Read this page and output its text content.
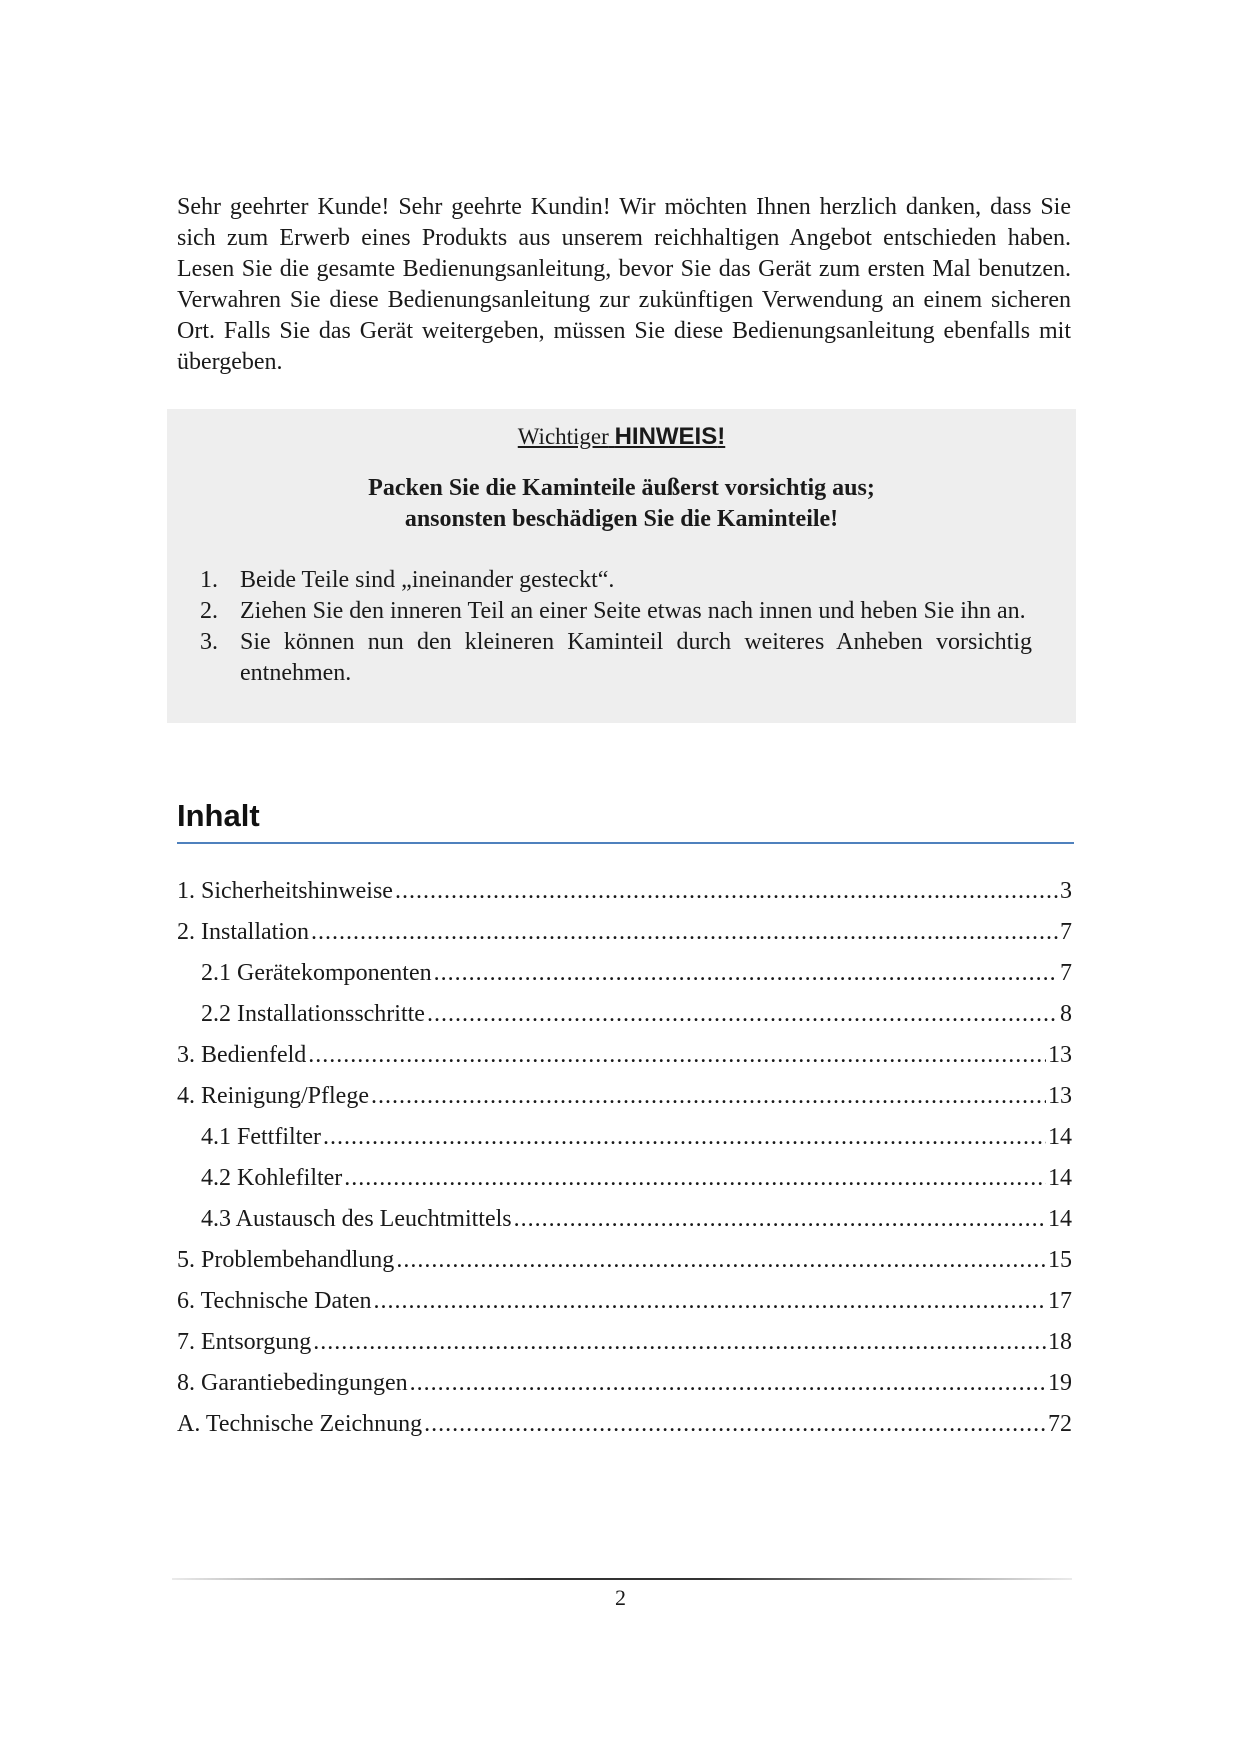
Sehr geehrter Kunde! Sehr geehrte Kundin! Wir möchten Ihnen herzlich danken, dass Sie sich zum Erwerb eines Produkts aus unserem reichhaltigen Angebot entschieden haben. Lesen Sie die gesamte Bedienungsanleitung, bevor Sie das Gerät zum ersten Mal benutzen. Verwahren Sie diese Bedienungsanleitung zur zukünftigen Verwendung an einem sicheren Ort. Falls Sie das Gerät weitergeben, müssen Sie diese Bedienungsanleitung ebenfalls mit übergeben.

Wichtiger HINWEIS!
Packen Sie die Kaminteile äußerst vorsichtig aus;
ansonsten beschädigen Sie die Kaminteile!
1. Beide Teile sind „ineinander gesteckt“.
2. Ziehen Sie den inneren Teil an einer Seite etwas nach innen und heben Sie ihn an.
3. Sie können nun den kleineren Kaminteil durch weiteres Anheben vorsichtig entnehmen.
Inhalt
1. Sicherheitshinweise .....	3
2. Installation .....	7
2.1 Gerätekomponenten .....	7
2.2 Installationsschritte .....	8
3. Bedienfeld .....	13
4. Reinigung/Pflege .....	13
4.1 Fettfilter .....	14
4.2 Kohlefilter .....	14
4.3 Austausch des Leuchtmittels .....	14
5. Problembehandlung .....	15
6. Technische Daten .....	17
7. Entsorgung .....	18
8. Garantiebedingungen .....	19
A. Technische Zeichnung .....	72
2
